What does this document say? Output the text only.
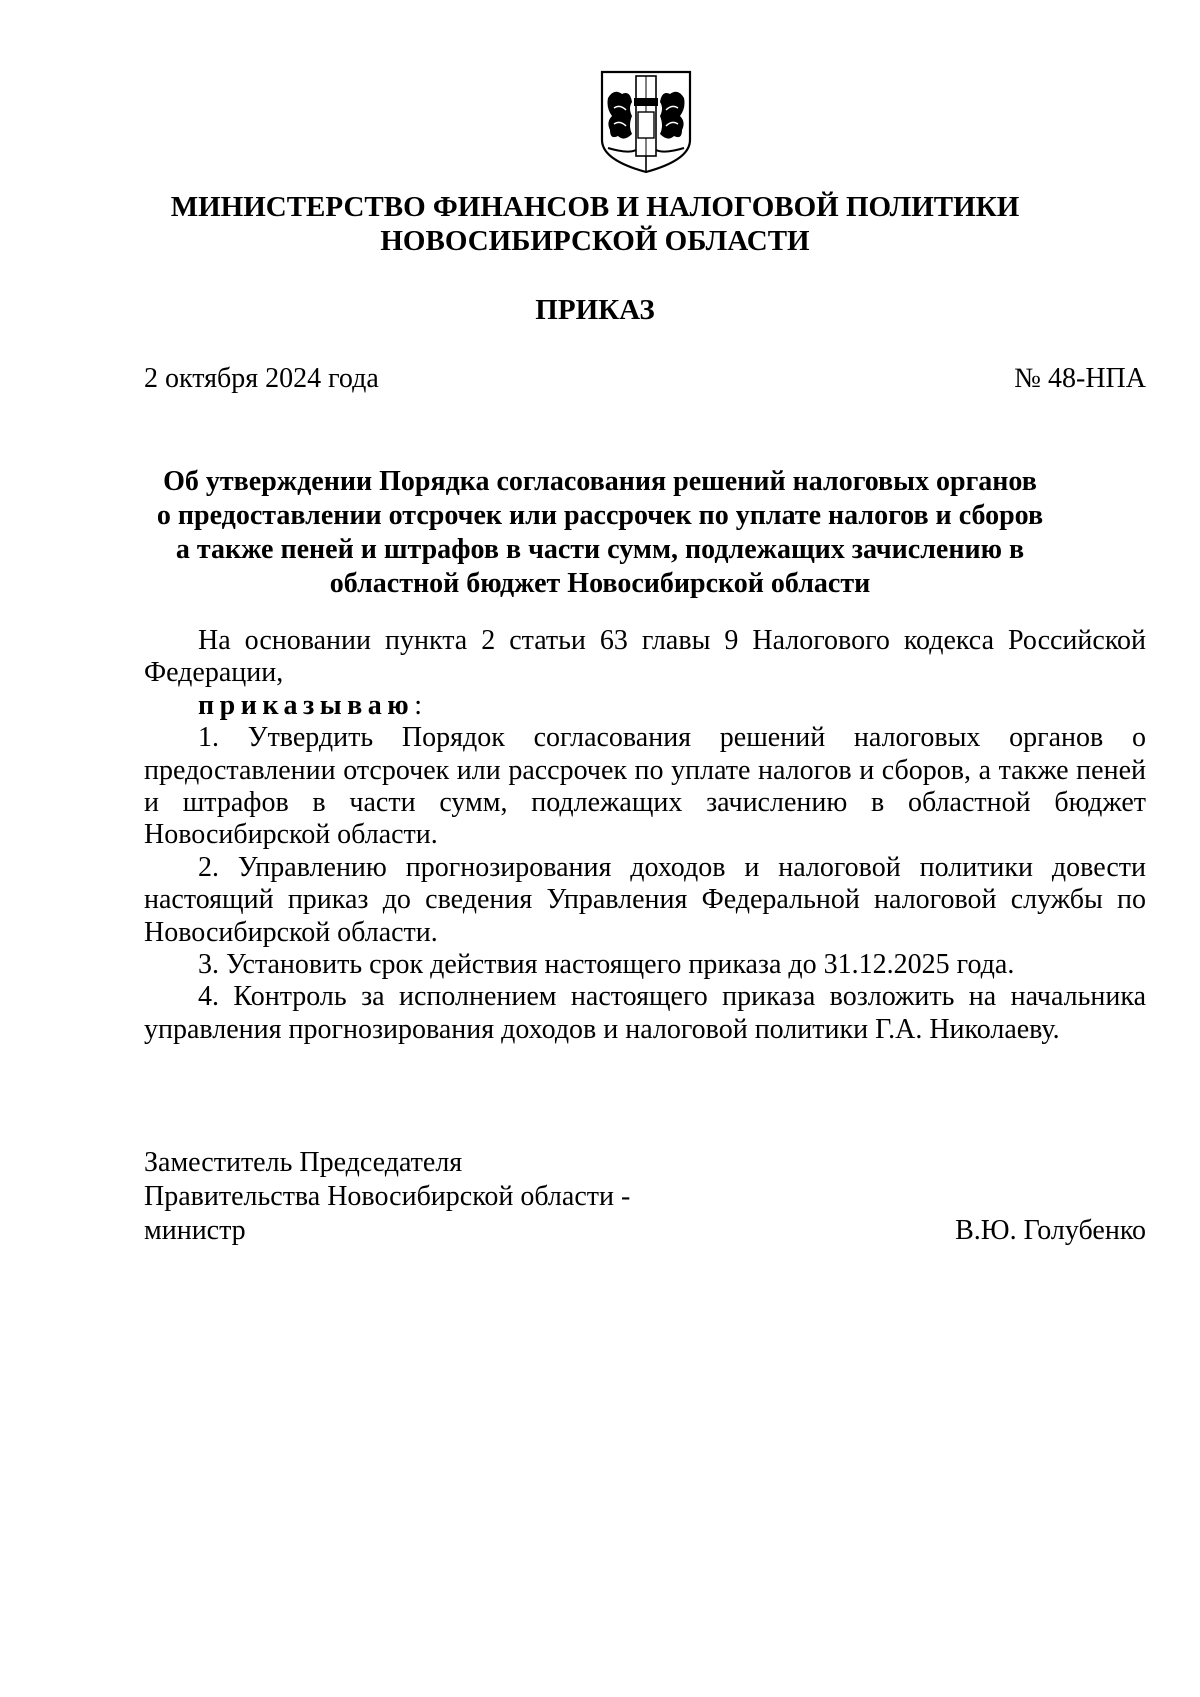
МИНИСТЕРСТВО ФИНАНСОВ И НАЛОГОВОЙ ПОЛИТИКИ
НОВОСИБИРСКОЙ ОБЛАСТИ
ПРИКАЗ
2 октября 2024 года	№ 48-НПА
Об утверждении Порядка согласования решений налоговых органов
о предоставлении отсрочек или рассрочек по уплате налогов и сборов
а также пеней и штрафов в части сумм, подлежащих зачислению в
областной бюджет Новосибирской области

На основании пункта 2 статьи 63 главы 9 Налогового кодекса Российской Федерации,

приказываю:

1. Утвердить Порядок согласования решений налоговых органов о предоставлении отсрочек или рассрочек по уплате налогов и сборов, а также пеней и штрафов в части сумм, подлежащих зачислению в областной бюджет Новосибирской области.

2. Управлению прогнозирования доходов и налоговой политики довести настоящий приказ до сведения Управления Федеральной налоговой службы по Новосибирской области.

3. Установить срок действия настоящего приказа до 31.12.2025 года.

4. Контроль за исполнением настоящего приказа возложить на начальника управления прогнозирования доходов и налоговой политики Г.А. Николаеву.

Заместитель Председателя
Правительства Новосибирской области -
министр	В.Ю. Голубенко
